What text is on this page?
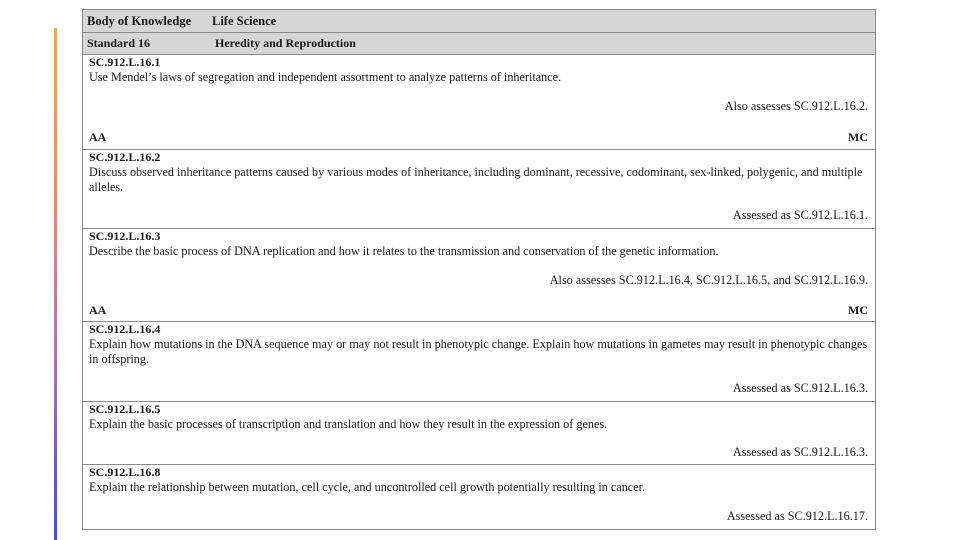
Body of Knowledge	Life Science
Standard 16	Heredity and Reproduction
SC.912.L.16.1
Use Mendel’s laws of segregation and independent assortment to analyze patterns of inheritance.
Also assesses SC.912.L.16.2.
AA	MC
SC.912.L.16.2
Discuss observed inheritance patterns caused by various modes of inheritance, including dominant, recessive, codominant, sex-linked, polygenic, and multiple alleles.
Assessed as SC.912.L.16.1.
SC.912.L.16.3
Describe the basic process of DNA replication and how it relates to the transmission and conservation of the genetic information.
Also assesses SC.912.L.16.4, SC.912.L.16.5, and SC.912.L.16.9.
AA	MC
SC.912.L.16.4
Explain how mutations in the DNA sequence may or may not result in phenotypic change. Explain how mutations in gametes may result in phenotypic changes in offspring.
Assessed as SC.912.L.16.3.
SC.912.L.16.5
Explain the basic processes of transcription and translation and how they result in the expression of genes.
Assessed as SC.912.L.16.3.
SC.912.L.16.8
Explain the relationship between mutation, cell cycle, and uncontrolled cell growth potentially resulting in cancer.
Assessed as SC.912.L.16.17.
